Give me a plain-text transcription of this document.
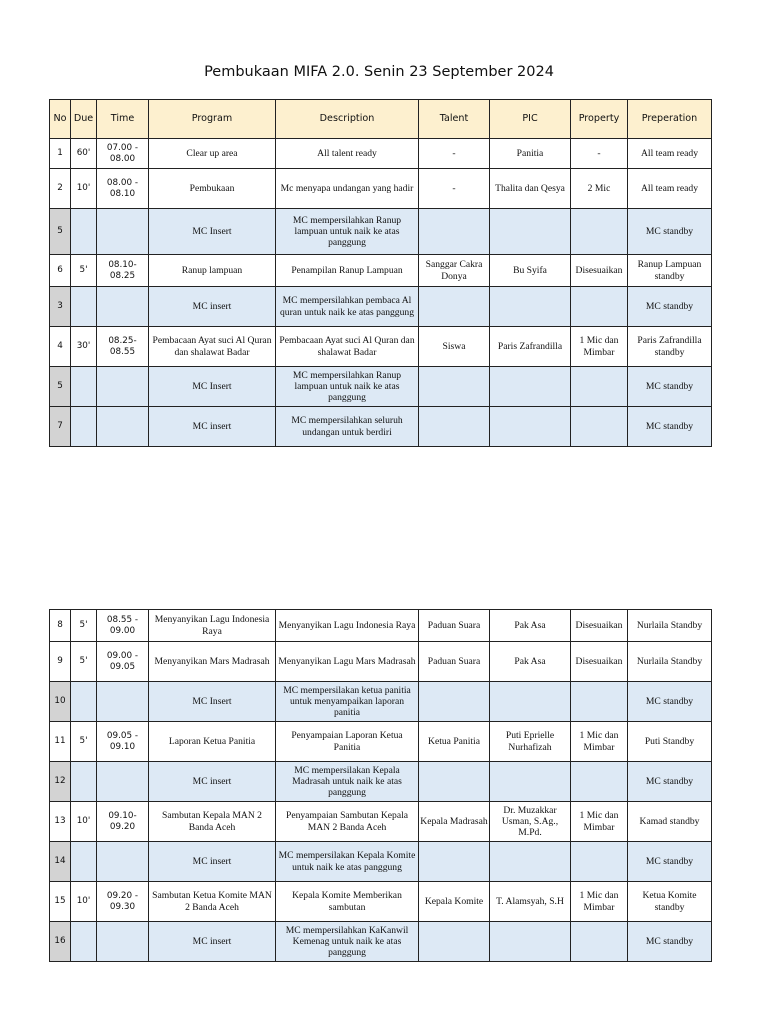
Pembukaan MIFA 2.0. Senin 23 September 2024
No	Due	Time	Program	Description	Talent	PIC	Property	Preperation
1	60'	07.00 - 08.00	Clear up area	All talent ready	-	Panitia	-	All team ready
2	10'	08.00 - 08.10	Pembukaan	Mc menyapa undangan yang hadir	-	Thalita dan Qesya	2 Mic	All team ready
5			MC Insert	MC mempersilahkan Ranup lampuan untuk naik ke atas panggung				MC standby
6	5'	08.10-08.25	Ranup lampuan	Penampilan Ranup Lampuan	Sanggar Cakra Donya	Bu Syifa	Disesuaikan	Ranup Lampuan standby
3			MC insert	MC mempersilahkan pembaca Al quran untuk naik ke atas panggung				MC standby
4	30'	08.25-08.55	Pembacaan Ayat suci Al Quran dan shalawat Badar	Pembacaan Ayat suci Al Quran dan shalawat Badar	Siswa	Paris Zafrandilla	1 Mic dan Mimbar	Paris Zafrandilla standby
5			MC Insert	MC mempersilahkan Ranup lampuan untuk naik ke atas panggung				MC standby
7			MC insert	MC mempersilahkan seluruh undangan untuk berdiri				MC standby
8	5'	08.55 - 09.00	Menyanyikan Lagu Indonesia Raya	Menyanyikan Lagu Indonesia Raya	Paduan Suara	Pak Asa	Disesuaikan	Nurlaila Standby
9	5'	09.00 - 09.05	Menyanyikan Mars Madrasah	Menyanyikan Lagu Mars Madrasah	Paduan Suara	Pak Asa	Disesuaikan	Nurlaila Standby
10			MC Insert	MC mempersilakan ketua panitia untuk menyampaikan laporan panitia				MC standby
11	5'	09.05 - 09.10	Laporan Ketua Panitia	Penyampaian Laporan Ketua Panitia	Ketua Panitia	Puti Eprielle Nurhafizah	1 Mic dan Mimbar	Puti Standby
12			MC insert	MC mempersilakan Kepala Madrasah untuk naik ke atas panggung				MC standby
13	10'	09.10-09.20	Sambutan Kepala MAN 2 Banda Aceh	Penyampaian Sambutan Kepala MAN 2 Banda Aceh	Kepala Madrasah	Dr. Muzakkar Usman, S.Ag., M.Pd.	1 Mic dan Mimbar	Kamad standby
14			MC insert	MC mempersilakan Kepala Komite untuk naik ke atas panggung				MC standby
15	10'	09.20 - 09.30	Sambutan Ketua Komite MAN 2 Banda Aceh	Kepala Komite Memberikan sambutan	Kepala Komite	T. Alamsyah, S.H	1 Mic dan Mimbar	Ketua Komite standby
16			MC insert	MC mempersilahkan KaKanwil Kemenag untuk naik ke atas panggung				MC standby
